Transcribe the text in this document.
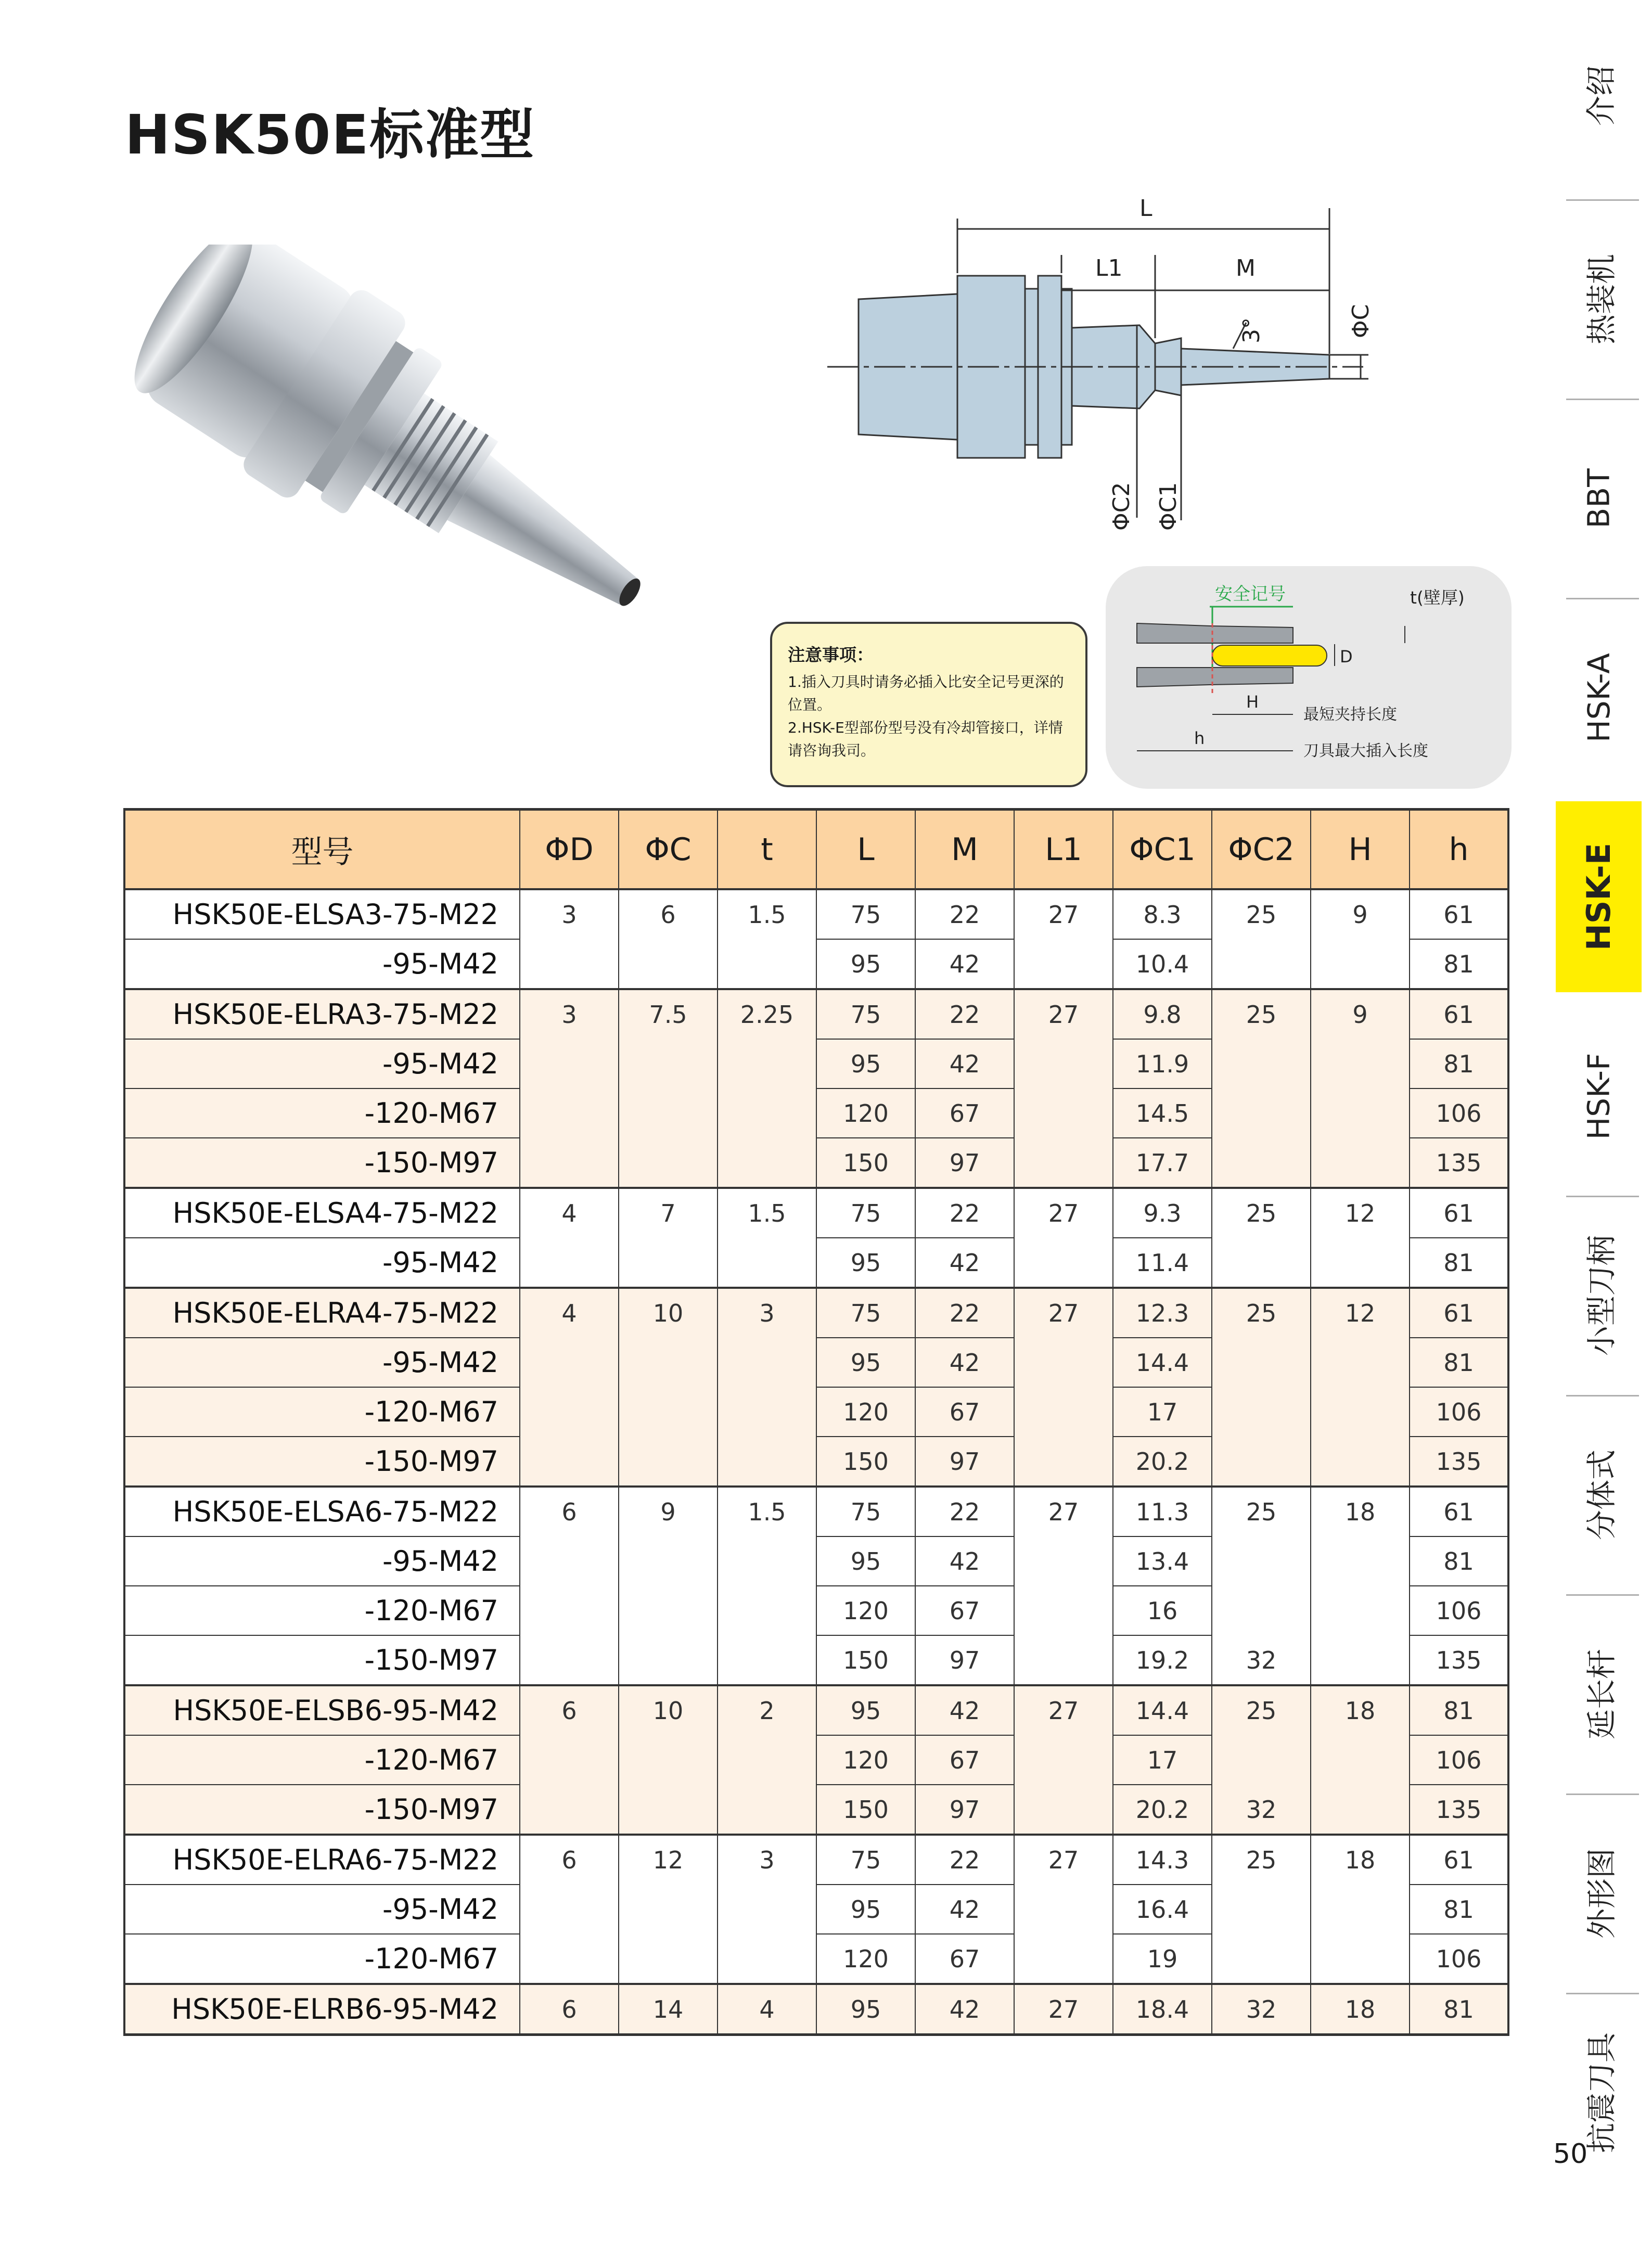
HSK50E标准型
L
L1	M
3°	ΦC
ΦC2 ΦC1
注意事项：
1.插入刀具时请务必插入比安全记号更深的位置。
2.HSK-E型部份型号没有冷却管接口，详情请咨询我司。
安全记号	t(壁厚)
D
H
最短夹持长度
h
刀具最大插入长度
型号	ΦD	ΦC	t	L	M	L1	ΦC1	ΦC2	H	h
HSK50E-ELSA3-75-M22	3	6	1.5	75	22	27	8.3	25	9	61
-95-M42				95	42		10.4			81
HSK50E-ELRA3-75-M22	3	7.5	2.25	75	22	27	9.8	25	9	61
-95-M42				95	42		11.9			81
-120-M67				120	67		14.5			106
-150-M97				150	97		17.7			135
HSK50E-ELSA4-75-M22	4	7	1.5	75	22	27	9.3	25	12	61
-95-M42				95	42		11.4			81
HSK50E-ELRA4-75-M22	4	10	3	75	22	27	12.3	25	12	61
-95-M42				95	42		14.4			81
-120-M67				120	67		17			106
-150-M97				150	97		20.2			135
HSK50E-ELSA6-75-M22	6	9	1.5	75	22	27	11.3	25	18	61
-95-M42				95	42		13.4			81
-120-M67				120	67		16			106
-150-M97				150	97		19.2	32		135
HSK50E-ELSB6-95-M42	6	10	2	95	42	27	14.4	25	18	81
-120-M67				120	67		17			106
-150-M97				150	97		20.2	32		135
HSK50E-ELRA6-75-M22	6	12	3	75	22	27	14.3	25	18	61
-95-M42				95	42		16.4			81
-120-M67				120	67		19			106
HSK50E-ELRB6-95-M42	6	14	4	95	42	27	18.4	32	18	81
介绍
热装机
BBT
HSK-A
HSK-E
HSK-F
小型刀柄
分体式
延长杆
外形图
抗震刀具
50
